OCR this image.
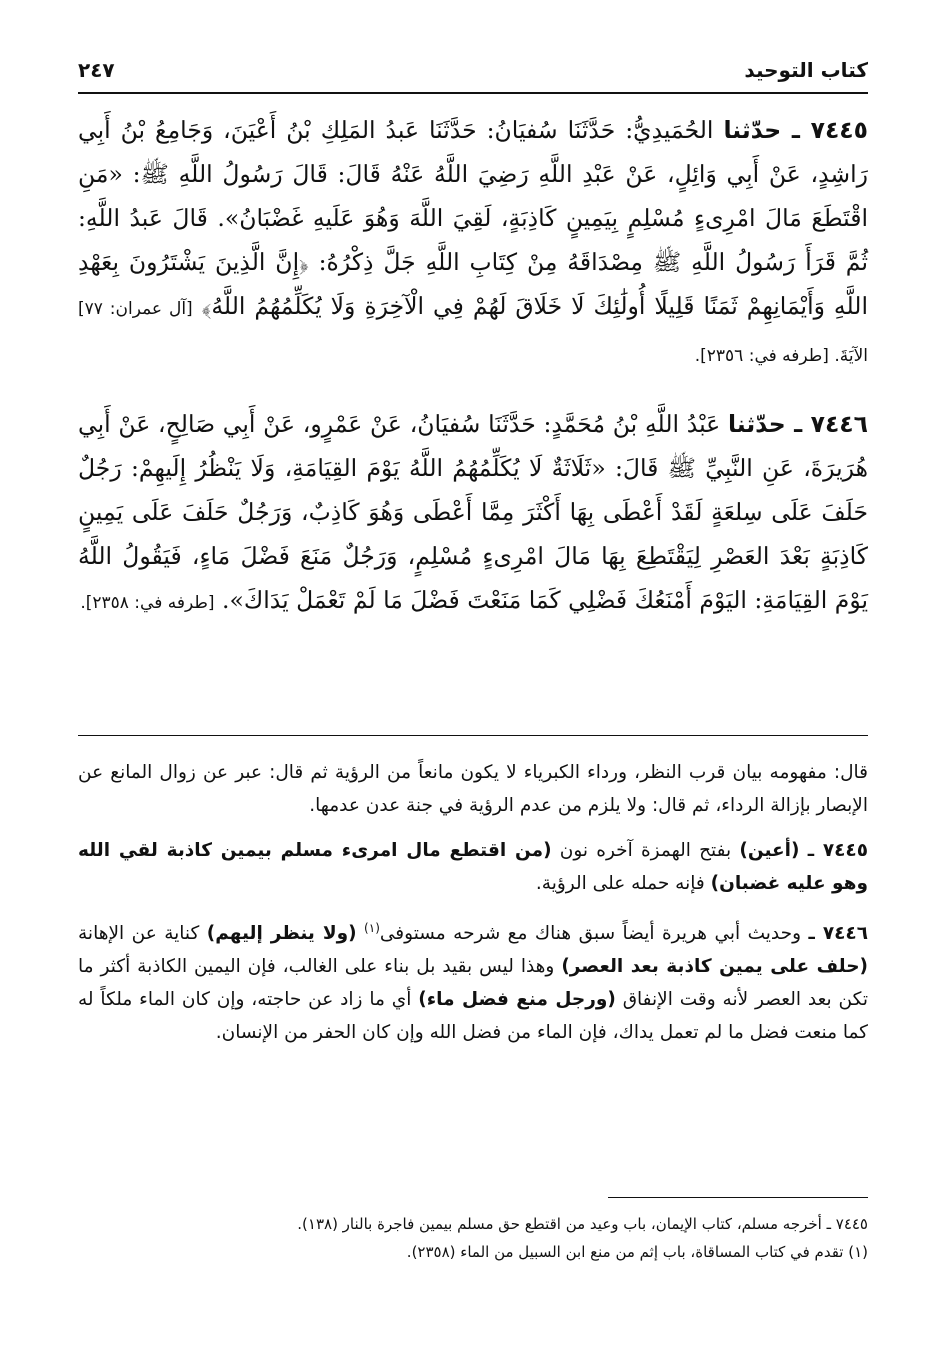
كتاب التوحيد
٢٤٧

٧٤٤٥ ـ حدّثنا الحُمَيدِيُّ: حَدَّثَنَا سُفيَانُ: حَدَّثَنَا عَبدُ المَلِكِ بْنُ أَعْيَنَ، وَجَامِعُ بْنُ أَبِي رَاشِدٍ، عَنْ أَبِي وَائِلٍ، عَنْ عَبْدِ اللَّهِ رَضِيَ اللَّهُ عَنْهُ قَالَ: قَالَ رَسُولُ اللَّهِ ﷺ: «مَنِ اقْتَطَعَ مَالَ امْرِىءٍ مُسْلِمٍ بِيَمِينٍ كَاذِبَةٍ، لَقِيَ اللَّهَ وَهُوَ عَلَيهِ غَضْبَانُ». قَالَ عَبدُ اللَّهِ: ثُمَّ قَرَأَ رَسُولُ اللَّهِ ﷺ مِصْدَاقَهُ مِنْ كِتَابِ اللَّهِ جَلَّ ذِكْرُهُ: ﴿إِنَّ الَّذِينَ يَشْتَرُونَ بِعَهْدِ اللَّهِ وَأَيْمَانِهِمْ ثَمَنًا قَلِيلًا أُولَٰئِكَ لَا خَلَاقَ لَهُمْ فِي الْآخِرَةِ وَلَا يُكَلِّمُهُمُ اللَّهُ﴾ [آل عمران: ٧٧] الآيَةَ. [طرفه في: ٢٣٥٦].

٧٤٤٦ ـ حدّثنا عَبْدُ اللَّهِ بْنُ مُحَمَّدٍ: حَدَّثَنَا سُفيَانُ، عَنْ عَمْرٍو، عَنْ أَبِي صَالِحٍ، عَنْ أَبِي هُرَيرَةَ، عَنِ النَّبِيِّ ﷺ قَالَ: «ثَلَاثَةٌ لَا يُكَلِّمُهُمُ اللَّهُ يَوْمَ القِيَامَةِ، وَلَا يَنْظُرُ إِلَيهِمْ: رَجُلٌ حَلَفَ عَلَى سِلعَةٍ لَقَدْ أَعْطَى بِهَا أَكْثَرَ مِمَّا أَعْطَى وَهُوَ كَاذِبٌ، وَرَجُلٌ حَلَفَ عَلَى يَمِينٍ كَاذِبَةٍ بَعْدَ العَصْرِ لِيَقْتَطِعَ بِهَا مَالَ امْرِىءٍ مُسْلِمٍ، وَرَجُلٌ مَنَعَ فَضْلَ مَاءٍ، فَيَقُولُ اللَّهُ يَوْمَ القِيَامَةِ: اليَوْمَ أَمْنَعُكَ فَضْلِي كَمَا مَنَعْتَ فَضْلَ مَا لَمْ تَعْمَلْ يَدَاكَ». [طرفه في: ٢٣٥٨].

قال: مفهومه بيان قرب النظر، ورداء الكبرياء لا يكون مانعاً من الرؤية ثم قال: عبر عن زوال المانع عن الإبصار بإزالة الرداء، ثم قال: ولا يلزم من عدم الرؤية في جنة عدن عدمها.

٧٤٤٥ ـ (أعين) بفتح الهمزة آخره نون (من اقتطع مال امرىء مسلم بيمين كاذبة لقي الله وهو عليه غضبان) فإنه حمله على الرؤية.

٧٤٤٦ ـ وحديث أبي هريرة أيضاً سبق هناك مع شرحه مستوفى$^{(١)}$ (ولا ينظر إليهم) كناية عن الإهانة (حلف على يمين كاذبة بعد العصر) وهذا ليس بقيد بل بناء على الغالب، فإن اليمين الكاذبة أكثر ما تكن بعد العصر لأنه وقت الإنفاق (ورجل منع فضل ماء) أي ما زاد عن حاجته، وإن كان الماء ملكاً له كما منعت فضل ما لم تعمل يداك، فإن الماء من فضل الله وإن كان الحفر من الإنسان.

٧٤٤٥ ـ أخرجه مسلم، كتاب الإيمان، باب وعيد من اقتطع حق مسلم بيمين فاجرة بالنار (١٣٨).

(١) تقدم في كتاب المساقاة، باب إثم من منع ابن السبيل من الماء (٢٣٥٨).
